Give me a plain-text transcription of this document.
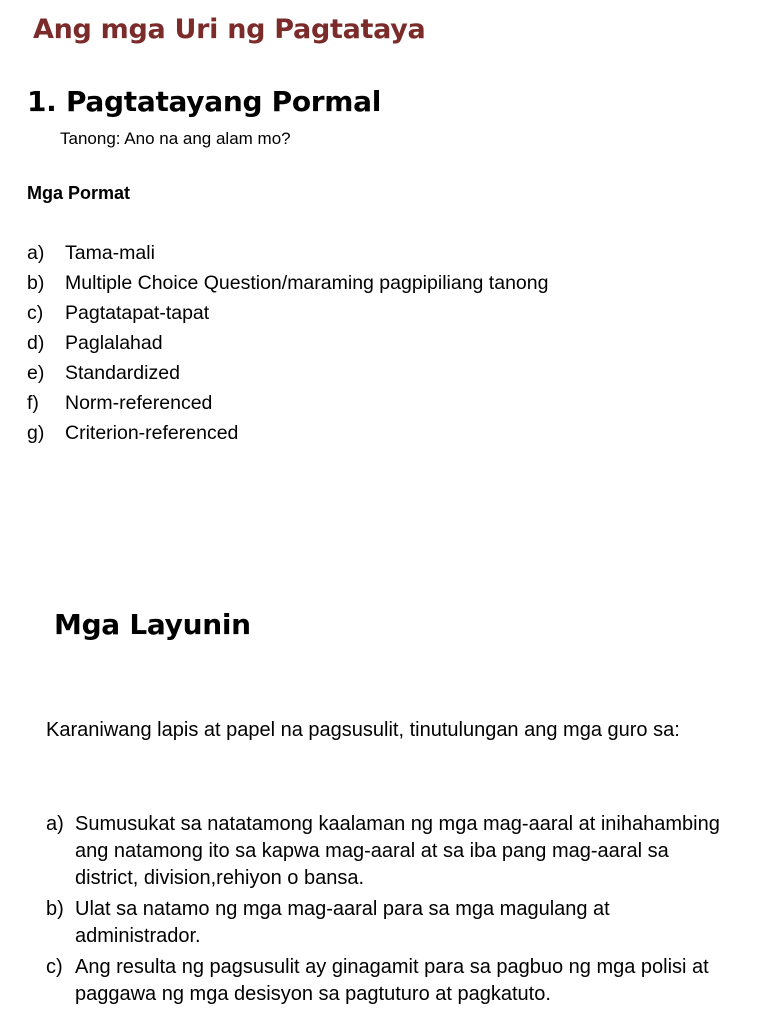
Ang mga Uri ng Pagtataya
1. Pagtatayang Pormal
Tanong: Ano na ang alam mo?
Mga Pormat
a) Tama-mali
b) Multiple Choice Question/maraming pagpipiliang tanong
c) Pagtatapat-tapat
d) Paglalahad
e) Standardized
f) Norm-referenced
g) Criterion-referenced
Mga Layunin
Karaniwang lapis at papel na pagsusulit, tinutulungan ang mga guro sa:
a) Sumusukat sa natatamong kaalaman ng mga mag-aaral at inihahambing ang natamong ito sa kapwa mag-aaral at sa iba pang mag-aaral sa district, division,rehiyon o bansa.
b) Ulat sa natamo ng mga mag-aaral para sa mga magulang at administrador.
c) Ang resulta ng pagsusulit ay ginagamit para sa pagbuo ng mga polisi at paggawa ng mga desisyon sa pagtuturo at pagkatuto.
